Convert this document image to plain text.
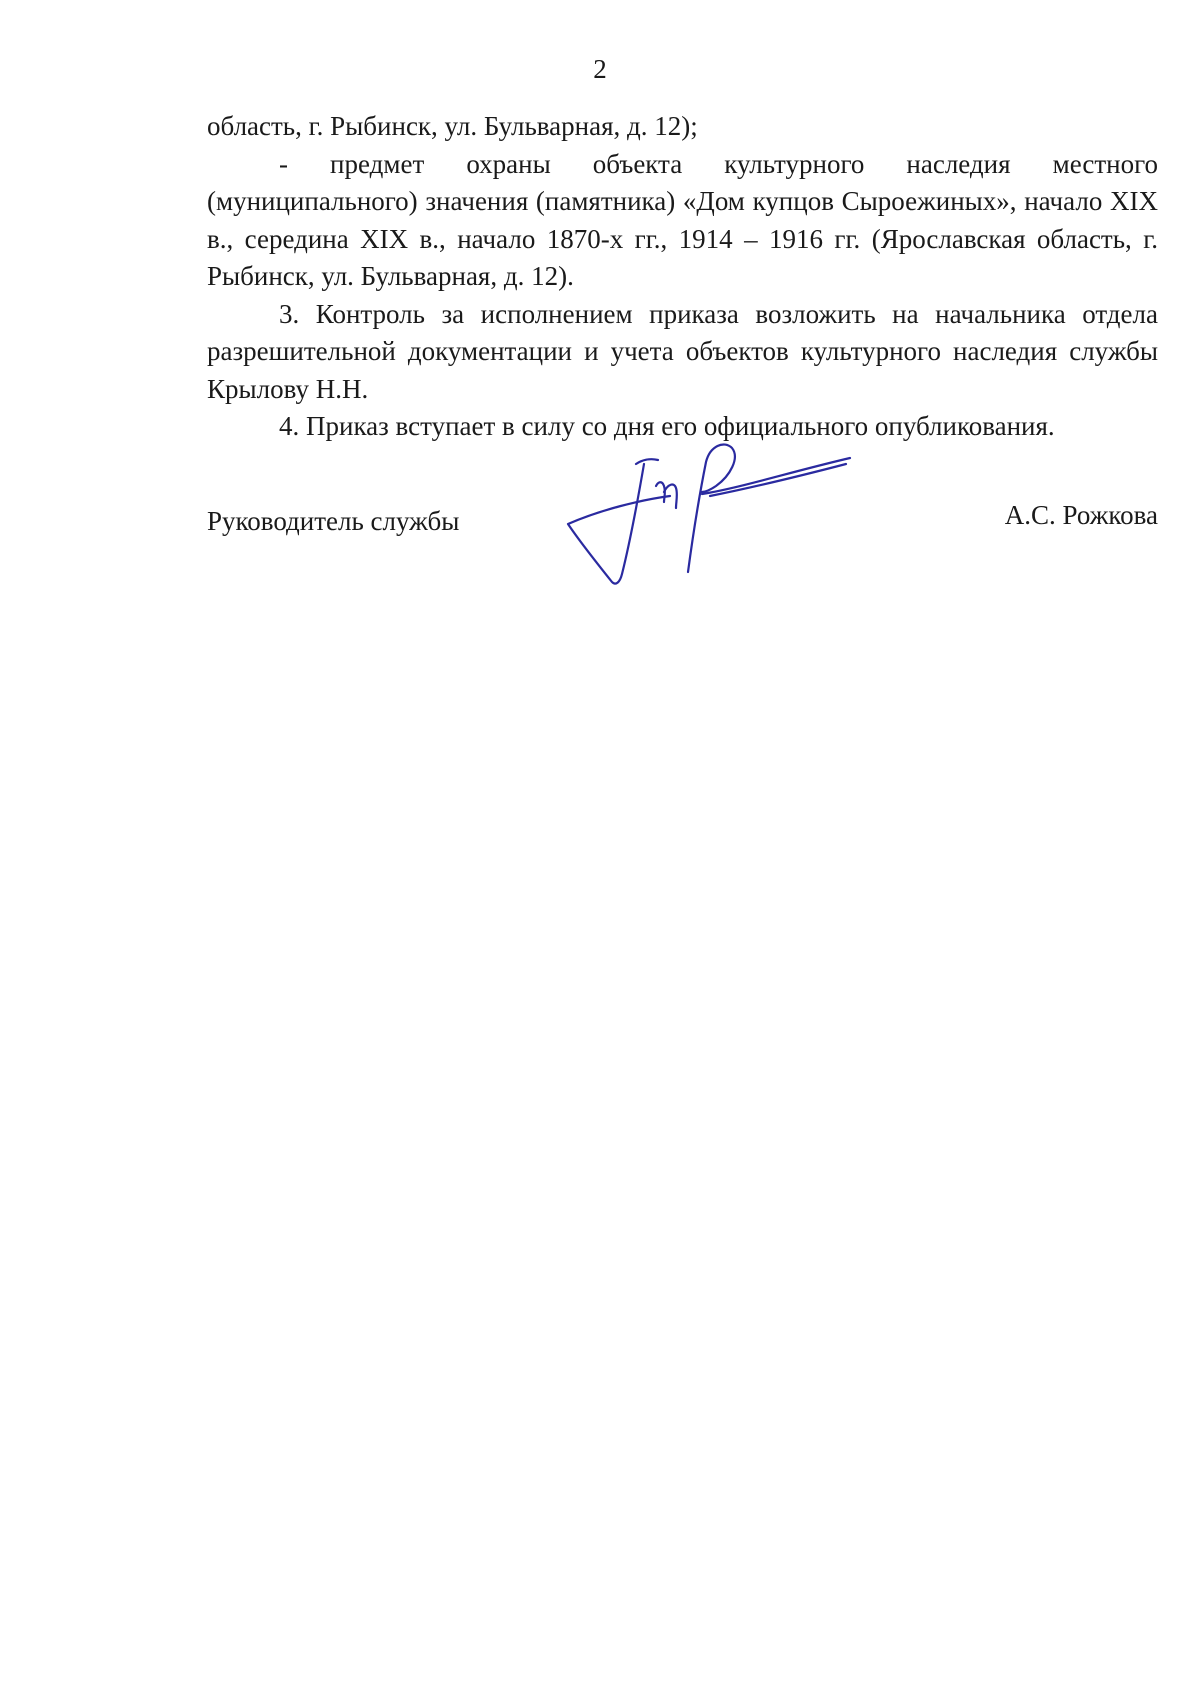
2

область, г. Рыбинск, ул. Бульварная, д. 12);

- предмет охраны объекта культурного наследия местного (муниципального) значения (памятника) «Дом купцов Сыроежиных», начало XIX в., середина XIX в., начало 1870-х гг., 1914 – 1916 гг. (Ярославская область, г. Рыбинск, ул. Бульварная, д. 12).

3. Контроль за исполнением приказа возложить на начальника отдела разрешительной документации и учета объектов культурного наследия службы Крылову Н.Н.

4. Приказ вступает в силу со дня его официального опубликования.

Руководитель службы	А.С. Рожкова
